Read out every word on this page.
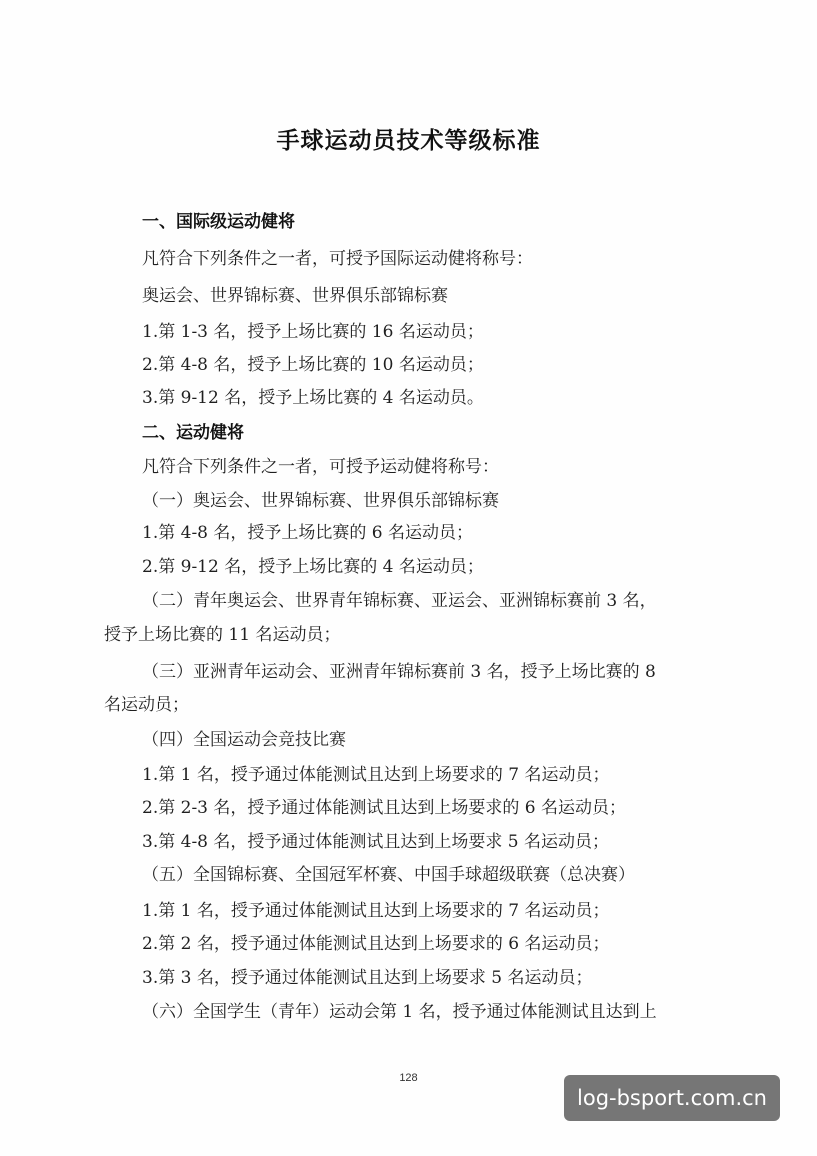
手球运动员技术等级标准
一、国际级运动健将
凡符合下列条件之一者，可授予国际运动健将称号：
奥运会、世界锦标赛、世界俱乐部锦标赛
1.第 1-3 名，授予上场比赛的 16 名运动员；
2.第 4-8 名，授予上场比赛的 10 名运动员；
3.第 9-12 名，授予上场比赛的 4 名运动员。
二、运动健将
凡符合下列条件之一者，可授予运动健将称号：
（一）奥运会、世界锦标赛、世界俱乐部锦标赛
1.第 4-8 名，授予上场比赛的 6 名运动员；
2.第 9-12 名，授予上场比赛的 4 名运动员；
（二）青年奥运会、世界青年锦标赛、亚运会、亚洲锦标赛前 3 名，
授予上场比赛的 11 名运动员；
（三）亚洲青年运动会、亚洲青年锦标赛前 3 名，授予上场比赛的 8
名运动员；
（四）全国运动会竞技比赛
1.第 1 名，授予通过体能测试且达到上场要求的 7 名运动员；
2.第 2-3 名，授予通过体能测试且达到上场要求的 6 名运动员；
3.第 4-8 名，授予通过体能测试且达到上场要求 5 名运动员；
（五）全国锦标赛、全国冠军杯赛、中国手球超级联赛（总决赛）
1.第 1 名，授予通过体能测试且达到上场要求的 7 名运动员；
2.第 2 名，授予通过体能测试且达到上场要求的 6 名运动员；
3.第 3 名，授予通过体能测试且达到上场要求 5 名运动员；
（六）全国学生（青年）运动会第 1 名，授予通过体能测试且达到上
128
log-bsport.com.cn
